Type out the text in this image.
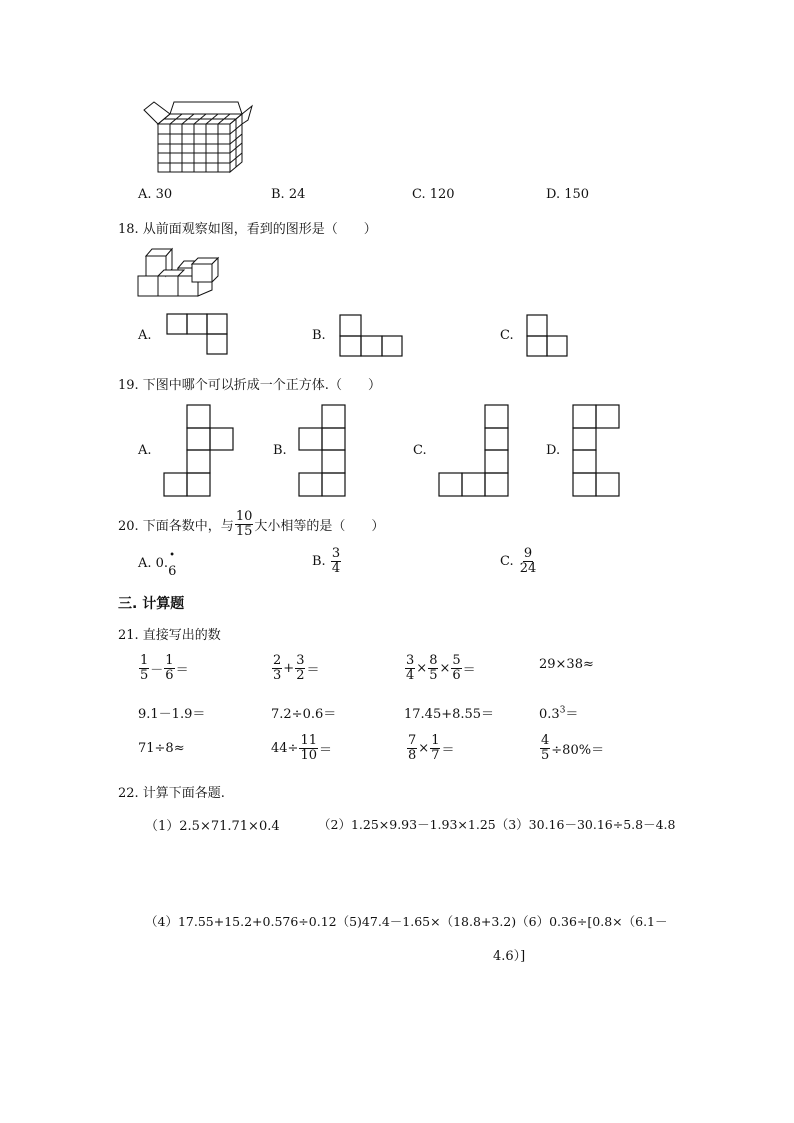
A. 30	B. 24	C. 120	D. 150
18. 从前面观察如图，看到的图形是（　　）
A.	B.	C.
19. 下图中哪个可以折成一个正方体.（　　）
A.	B.	C.	D.
20. 下面各数中，与 $\frac{10}{15}$ 大小相等的是（　　）
A. 0.
•
6
B.
$\frac{3}{4}$	C.
$\frac{9}{24}$
三. 计算题
21. 直接写出的数
$\frac{1}{5} - \frac{1}{6}$ ＝	$\frac{2}{3} + \frac{3}{2}$ ＝	$\frac{3}{4} \times \frac{8}{5} \times \frac{5}{6}$ ＝	29×38≈
9.1－1.9＝	7.2÷0.6＝	17.45+8.55＝	$0.3^3=$
71÷8≈	$44\div \frac{11}{10}$ ＝	$\frac{7}{8} \times \frac{1}{7}$ ＝	$\frac{4}{5} \div 80\%=$
22. 计算下面各题.
（1）2.5×71.71×0.4	（2）1.25×9.93－1.93×1.25（3）30.16－30.16÷5.8－4.8
（4）17.55+15.2+0.576÷0.12（5)47.4－1.65×（18.8+3.2)（6）0.36÷[0.8×（6.1－
4.6）]
